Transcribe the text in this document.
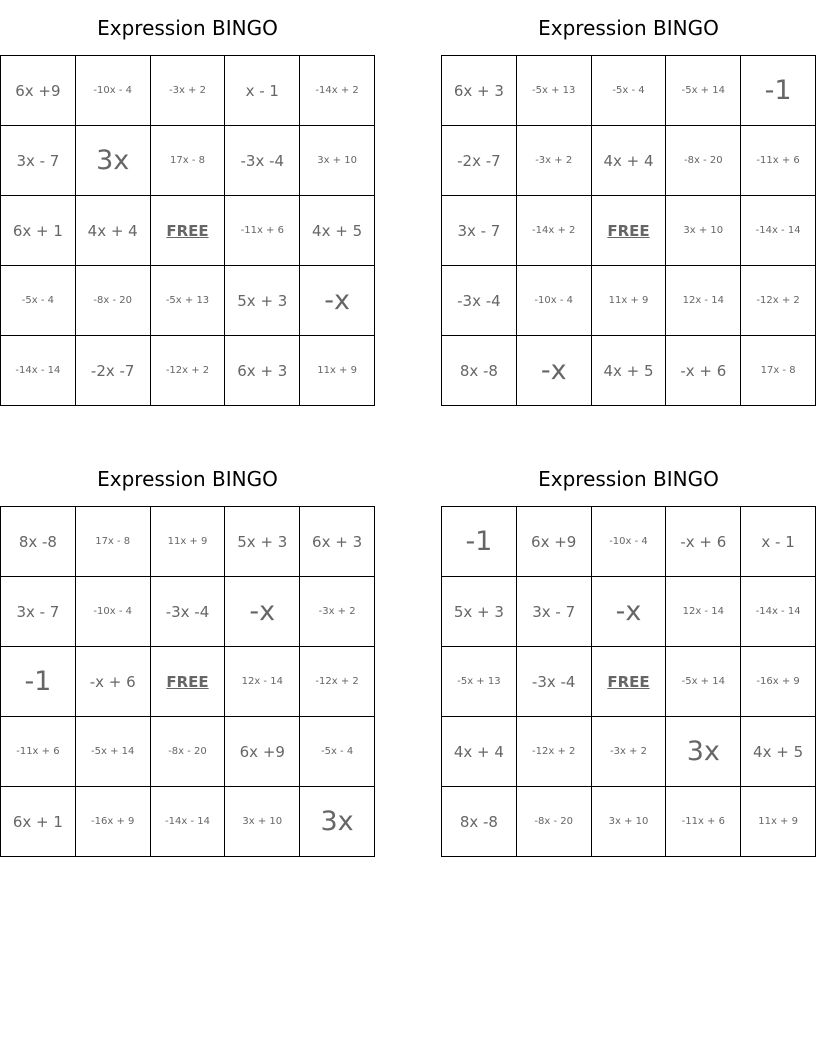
Expression BINGO
6x +9	-10x - 4	-3x + 2	x - 1	-14x + 2
3x - 7	3x	17x - 8	-3x -4	3x + 10
6x + 1	4x + 4	FREE	-11x + 6	4x + 5
-5x - 4	-8x - 20	-5x + 13	5x + 3	-x
-14x - 14	-2x -7	-12x + 2	6x + 3	11x + 9
Expression BINGO
6x + 3	-5x + 13	-5x - 4	-5x + 14	-1
-2x -7	-3x + 2	4x + 4	-8x - 20	-11x + 6
3x - 7	-14x + 2	FREE	3x + 10	-14x - 14
-3x -4	-10x - 4	11x + 9	12x - 14	-12x + 2
8x -8	-x	4x + 5	-x + 6	17x - 8
Expression BINGO
8x -8	17x - 8	11x + 9	5x + 3	6x + 3
3x - 7	-10x - 4	-3x -4	-x	-3x + 2
-1	-x + 6	FREE	12x - 14	-12x + 2
-11x + 6	-5x + 14	-8x - 20	6x +9	-5x - 4
6x + 1	-16x + 9	-14x - 14	3x + 10	3x
Expression BINGO
-1	6x +9	-10x - 4	-x + 6	x - 1
5x + 3	3x - 7	-x	12x - 14	-14x - 14
-5x + 13	-3x -4	FREE	-5x + 14	-16x + 9
4x + 4	-12x + 2	-3x + 2	3x	4x + 5
8x -8	-8x - 20	3x + 10	-11x + 6	11x + 9
